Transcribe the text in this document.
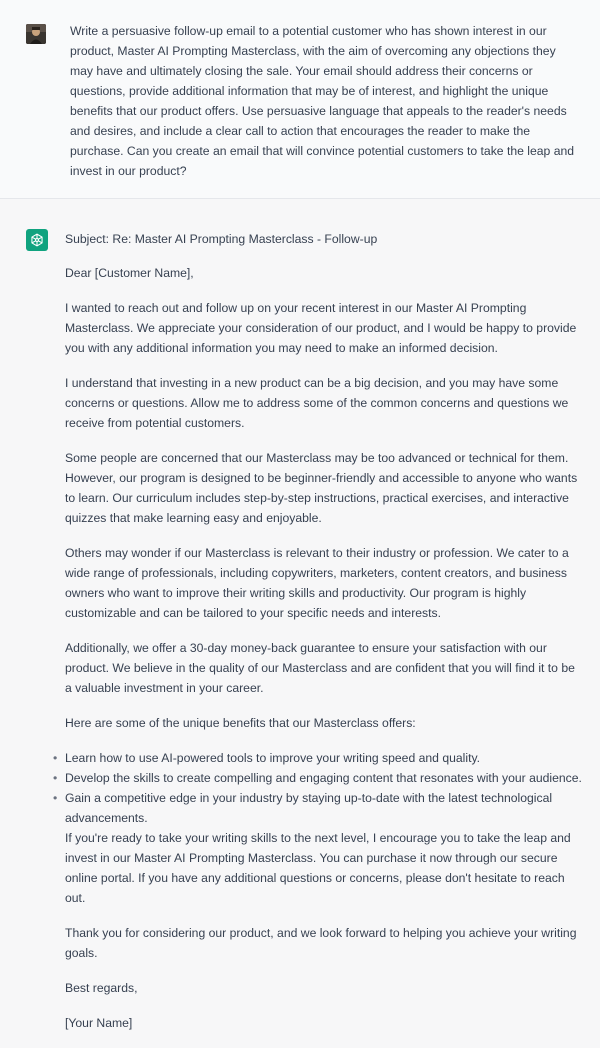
Write a persuasive follow-up email to a potential customer who has shown interest in our product, Master AI Prompting Masterclass, with the aim of overcoming any objections they may have and ultimately closing the sale. Your email should address their concerns or questions, provide additional information that may be of interest, and highlight the unique benefits that our product offers. Use persuasive language that appeals to the reader's needs and desires, and include a clear call to action that encourages the reader to make the purchase. Can you create an email that will convince potential customers to take the leap and invest in our product?

Subject: Re: Master AI Prompting Masterclass - Follow-up

Dear [Customer Name],

I wanted to reach out and follow up on your recent interest in our Master AI Prompting Masterclass. We appreciate your consideration of our product, and I would be happy to provide you with any additional information you may need to make an informed decision.

I understand that investing in a new product can be a big decision, and you may have some concerns or questions. Allow me to address some of the common concerns and questions we receive from potential customers.

Some people are concerned that our Masterclass may be too advanced or technical for them. However, our program is designed to be beginner-friendly and accessible to anyone who wants to learn. Our curriculum includes step-by-step instructions, practical exercises, and interactive quizzes that make learning easy and enjoyable.

Others may wonder if our Masterclass is relevant to their industry or profession. We cater to a wide range of professionals, including copywriters, marketers, content creators, and business owners who want to improve their writing skills and productivity. Our program is highly customizable and can be tailored to your specific needs and interests.

Additionally, we offer a 30-day money-back guarantee to ensure your satisfaction with our product. We believe in the quality of our Masterclass and are confident that you will find it to be a valuable investment in your career.

Here are some of the unique benefits that our Masterclass offers:

• Learn how to use AI-powered tools to improve your writing speed and quality.
• Develop the skills to create compelling and engaging content that resonates with your audience.
• Gain a competitive edge in your industry by staying up-to-date with the latest technological advancements.

If you're ready to take your writing skills to the next level, I encourage you to take the leap and invest in our Master AI Prompting Masterclass. You can purchase it now through our secure online portal. If you have any additional questions or concerns, please don't hesitate to reach out.

Thank you for considering our product, and we look forward to helping you achieve your writing goals.

Best regards,

[Your Name]
